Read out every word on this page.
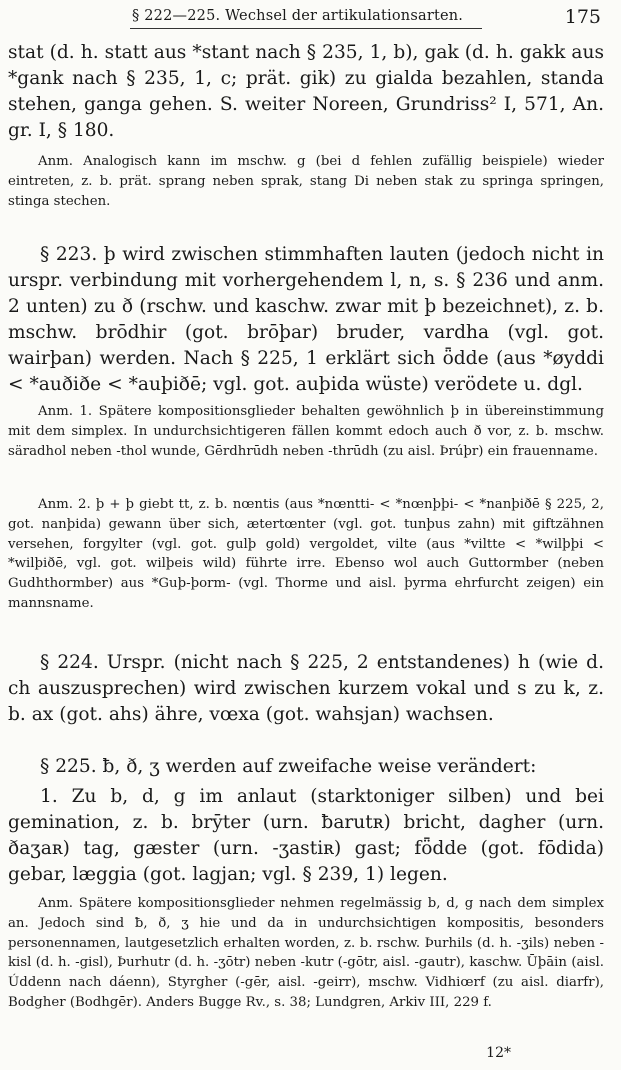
§ 222—225. Wechsel der artikulationsarten.	175

stat (d. h. statt aus *stant nach § 235, 1, b), gak (d. h. gakk aus *gank nach § 235, 1, c; prät. gik) zu gialda bezahlen, standa stehen, ganga gehen. S. weiter Noreen, Grundriss² I, 571, An. gr. I, § 180.

Anm. Analogisch kann im mschw. g (bei d fehlen zufällig beispiele) wieder eintreten, z. b. prät. sprang neben sprak, stang Di neben stak zu springa springen, stinga stechen.

§ 223. þ wird zwischen stimmhaften lauten (jedoch nicht in urspr. verbindung mit vorhergehendem l, n, s. § 236 und anm. 2 unten) zu ð (rschw. und kaschw. zwar mit þ bezeichnet), z. b. mschw. brōdhir (got. brōþar) bruder, vardha (vgl. got. wairþan) werden. Nach § 225, 1 erklärt sich ȫdde (aus *øyddi < *auðiðe < *auþiðē; vgl. got. auþida wüste) verödete u. dgl.

Anm. 1. Spätere kompositionsglieder behalten gewöhnlich þ in übereinstimmung mit dem simplex. In undurchsichtigeren fällen kommt edoch auch ð vor, z. b. mschw. säradhol neben -thol wunde, Gērdhrūdh neben -thrūdh (zu aisl. Þrúþr) ein frauenname.

Anm. 2. þ + þ giebt tt, z. b. nœntis (aus *nœntti- < *nœnþþi- < *nanþiðē § 225, 2, got. nanþida) gewann über sich, ætertœnter (vgl. got. tunþus zahn) mit giftzähnen versehen, forgylter (vgl. got. gulþ gold) vergoldet, vilte (aus *viltte < *wilþþi < *wilþiðē, vgl. got. wilþeis wild) führte irre. Ebenso wol auch Guttormber (neben Gudhthormber) aus *Guþ-þorm- (vgl. Thorme und aisl. þyrma ehrfurcht zeigen) ein mannsname.

§ 224. Urspr. (nicht nach § 225, 2 entstandenes) h (wie d. ch auszusprechen) wird zwischen kurzem vokal und s zu k, z. b. ax (got. ahs) ähre, vœxa (got. wahsjan) wachsen.

§ 225. ƀ, ð, ʒ werden auf zweifache weise verändert:

1. Zu b, d, g im anlaut (starktoniger silben) und bei gemination, z. b. brȳter (urn. ƀarutʀ) bricht, dagher (urn. ðaʒaʀ) tag, gæster (urn. -ʒastiʀ) gast; fȫdde (got. fōdida) gebar, læggia (got. lagjan; vgl. § 239, 1) legen.

Anm. Spätere kompositionsglieder nehmen regelmässig b, d, g nach dem simplex an. Jedoch sind ƀ, ð, ʒ hie und da in undurchsichtigen kompositis, besonders personennamen, lautgesetzlich erhalten worden, z. b. rschw. Þurhils (d. h. -ʒils) neben -kisl (d. h. -gisl), Þurhutr (d. h. -ʒōtr) neben -kutr (-gōtr, aisl. -gautr), kaschw. Ūþāin (aisl. Úddenn nach dáenn), Styrgher (-gēr, aisl. -geirr), mschw. Vidhiœrf (zu aisl. diarfr), Bodgher (Bodhgēr). Anders Bugge Rv., s. 38; Lundgren, Arkiv III, 229 f.

12*
